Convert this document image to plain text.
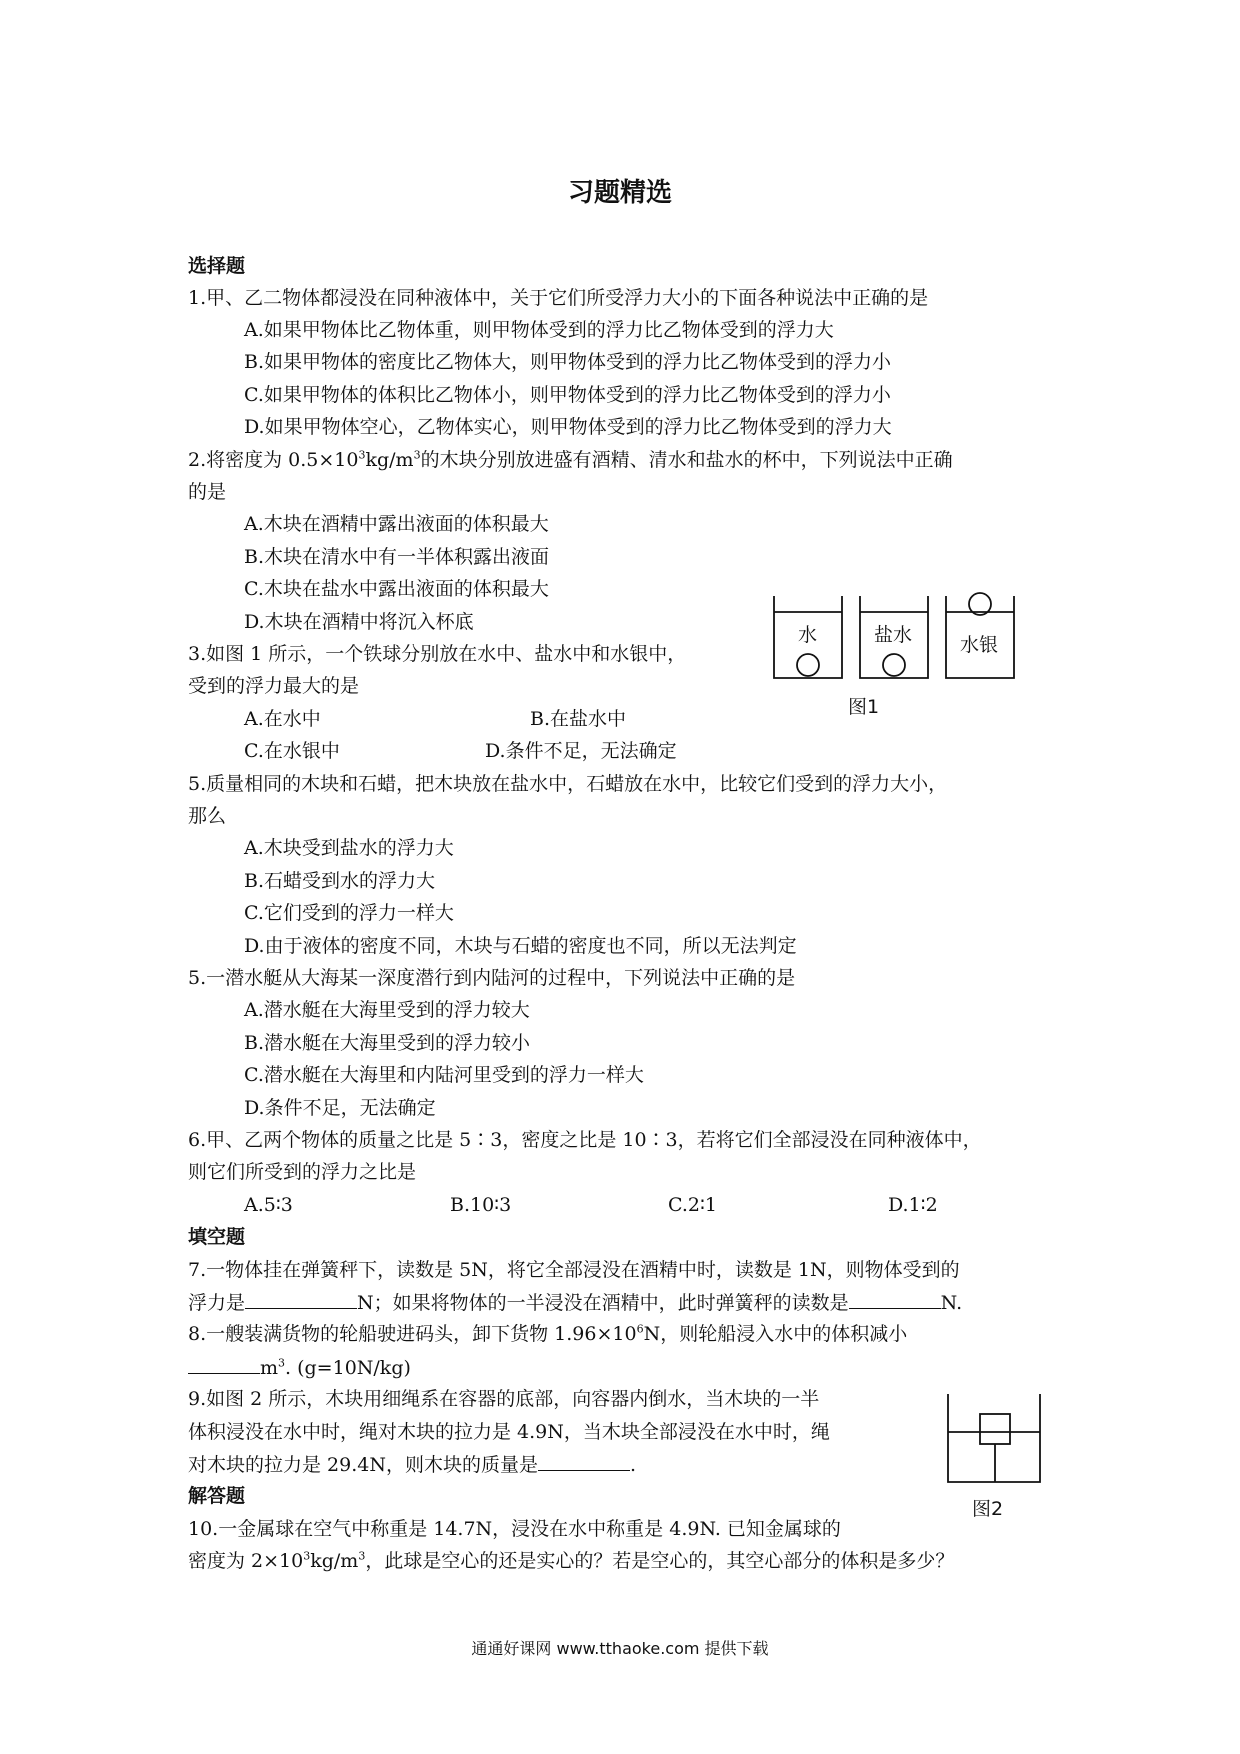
习题精选
选择题
1.甲、乙二物体都浸没在同种液体中，关于它们所受浮力大小的下面各种说法中正确的是
A.如果甲物体比乙物体重，则甲物体受到的浮力比乙物体受到的浮力大
B.如果甲物体的密度比乙物体大，则甲物体受到的浮力比乙物体受到的浮力小
C.如果甲物体的体积比乙物体小，则甲物体受到的浮力比乙物体受到的浮力小
D.如果甲物体空心，乙物体实心，则甲物体受到的浮力比乙物体受到的浮力大
2.将密度为 $0.5\times 10^3kg/m^3$的木块分别放进盛有酒精、清水和盐水的杯中，下列说法中正确
的是
A.木块在酒精中露出液面的体积最大
B.木块在清水中有一半体积露出液面
C.木块在盐水中露出液面的体积最大
D.木块在酒精中将沉入杯底
水	盐水	水银
图1
3.如图 1 所示，一个铁球分别放在水中、盐水中和水银中，
受到的浮力最大的是
A.在水中	B.在盐水中
C.在水银中	D.条件不足，无法确定
5.质量相同的木块和石蜡，把木块放在盐水中，石蜡放在水中，比较它们受到的浮力大小，
那么
A.木块受到盐水的浮力大
B.石蜡受到水的浮力大
C.它们受到的浮力一样大
D.由于液体的密度不同，木块与石蜡的密度也不同，所以无法判定
5.一潜水艇从大海某一深度潜行到内陆河的过程中，下列说法中正确的是
A.潜水艇在大海里受到的浮力较大
B.潜水艇在大海里受到的浮力较小
C.潜水艇在大海里和内陆河里受到的浮力一样大
D.条件不足，无法确定
6.甲、乙两个物体的质量之比是 5∶3，密度之比是 10∶3，若将它们全部浸没在同种液体中，
则它们所受到的浮力之比是
A.5∶3	B.10∶3	C.2∶1	D.1∶2
填空题
7.一物体挂在弹簧秤下，读数是 5N，将它全部浸没在酒精中时，读数是 1N，则物体受到的
浮力是	N；如果将物体的一半浸没在酒精中，此时弹簧秤的读数是	N.
8.一艘装满货物的轮船驶进码头，卸下货物 $1.96\times 10^6N$，则轮船浸入水中的体积减小
$m^3$. (g=10N/kg)
9.如图 2 所示，木块用细绳系在容器的底部，向容器内倒水，当木块的一半
体积浸没在水中时，绳对木块的拉力是 4.9N，当木块全部浸没在水中时，绳
对木块的拉力是 29.4N，则木块的质量是	.
图2
解答题
10.一金属球在空气中称重是 14.7N，浸没在水中称重是 4.9N. 已知金属球的
密度为 $2\times 10^3kg/m^3$，此球是空心的还是实心的？若是空心的，其空心部分的体积是多少？
通通好课网 www.tthaoke.com 提供下载
